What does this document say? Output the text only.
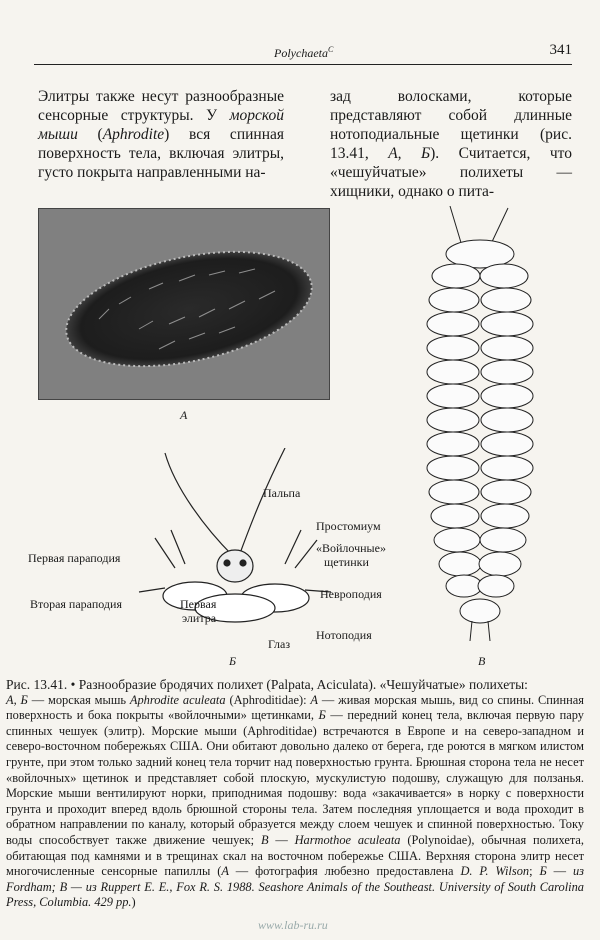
Polychaeta$^C$	341

Элитры также несут разнообразные сенсорные структуры. У морской мыши (Aphrodite) вся спинная поверхность тела, включая элитры, густо покрыта направленными на-

зад волосками, которые представляют собой длинные нотоподиальные щетинки (рис. 13.41, А, Б). Считается, что «чешуйчатые» полихеты — хищники, однако о пита-

А
Пальпа
Простомиум
«Войлочные»
щетинки
Первая параподия
Невроподия
Вторая параподия	Первая
элитра
Нотоподия
Глаз
Б	В

Рис. 13.41. • Разнообразие бродячих полихет (Palpata, Aciculata). «Чешуйчатые» полихеты:

А, Б — морская мышь Aphrodite aculeata (Aphroditidae): А — живая морская мышь, вид со спины. Спинная поверхность и бока покрыты «войлочными» щетинками, Б — передний конец тела, включая первую пару спинных чешуек (элитр). Морские мыши (Aphroditidae) встречаются в Европе и на северо-западном и северо-восточном побережьях США. Они обитают довольно далеко от берега, где роются в мягком илистом грунте, при этом только задний конец тела торчит над поверхностью грунта. Брюшная сторона тела не несет «войлочных» щетинок и представляет собой плоскую, мускулистую подошву, служащую для ползанья. Морские мыши вентилируют норки, приподнимая подошву: вода «закачивается» в норку с поверхности грунта и проходит вперед вдоль брюшной стороны тела. Затем последняя уплощается и вода проходит в обратном направлении по каналу, который образуется между слоем чешуек и спинной поверхностью. Току воды способствует также движение чешуек; В — Harmothoe aculeata (Polynoidae), обычная полихета, обитающая под камнями и в трещинах скал на восточном побережье США. Верхняя сторона элитр несет многочисленные сенсорные папиллы (А — фотография любезно предоставлена D. P. Wilson; Б — из Fordham; В — из Ruppert E. E., Fox R. S. 1988. Seashore Animals of the Southeast. University of South Carolina Press, Columbia. 429 pp.)

www.lab-ru.ru
